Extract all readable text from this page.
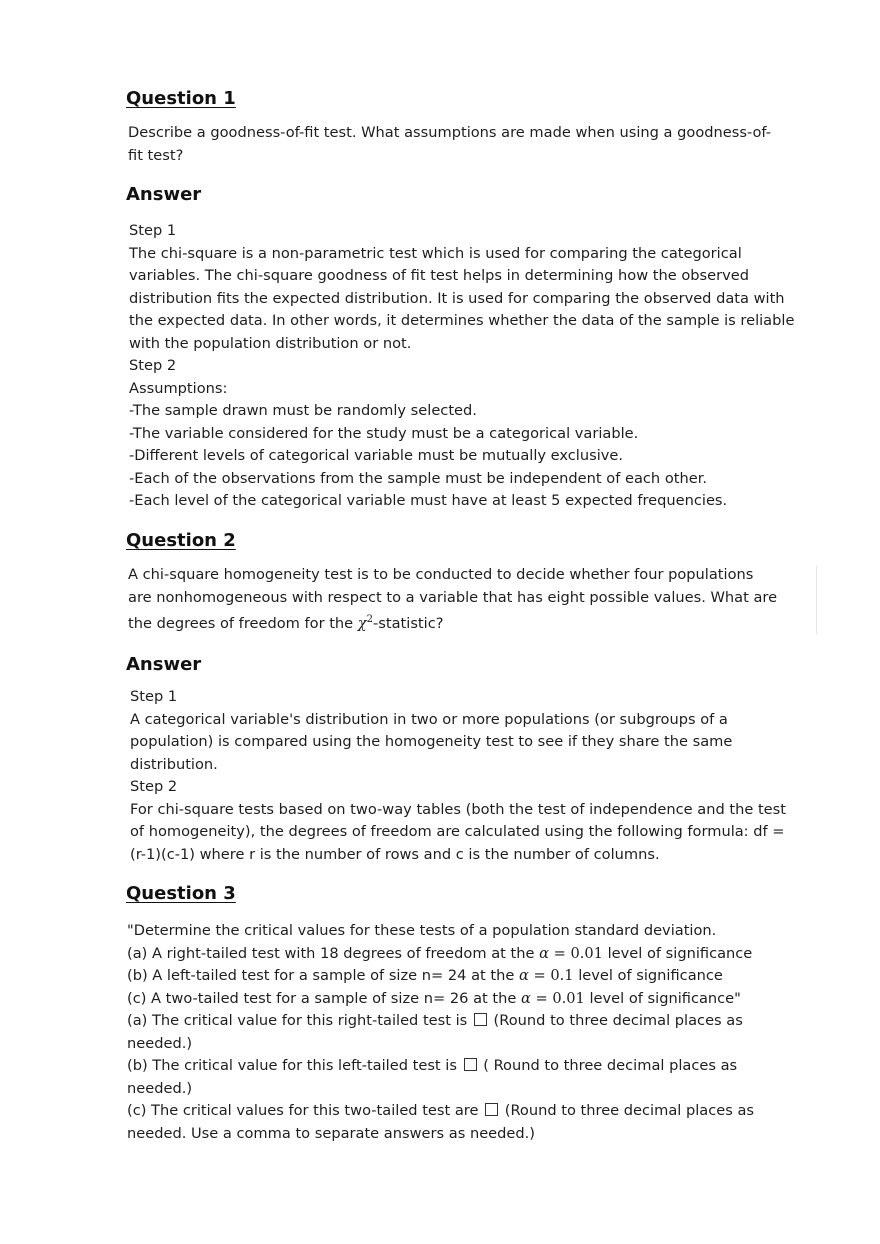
Question 1
Describe a goodness-of-fit test. What assumptions are made when using a goodness-of-
fit test?
Answer
Step 1
The chi-square is a non-parametric test which is used for comparing the categorical
variables. The chi-square goodness of fit test helps in determining how the observed
distribution fits the expected distribution. It is used for comparing the observed data with
the expected data. In other words, it determines whether the data of the sample is reliable
with the population distribution or not.
Step 2
Assumptions:
-The sample drawn must be randomly selected.
-The variable considered for the study must be a categorical variable.
-Different levels of categorical variable must be mutually exclusive.
-Each of the observations from the sample must be independent of each other.
-Each level of the categorical variable must have at least 5 expected frequencies.
Question 2
A chi-square homogeneity test is to be conducted to decide whether four populations
are nonhomogeneous with respect to a variable that has eight possible values. What are
the degrees of freedom for the $\chi^2$-statistic?
Answer
Step 1
A categorical variable's distribution in two or more populations (or subgroups of a
population) is compared using the homogeneity test to see if they share the same
distribution.
Step 2
For chi-square tests based on two-way tables (both the test of independence and the test
of homogeneity), the degrees of freedom are calculated using the following formula: df =
(r-1)(c-1) where r is the number of rows and c is the number of columns.
Question 3
"Determine the critical values for these tests of a population standard deviation.
(a) A right-tailed test with 18 degrees of freedom at the α = 0.01 level of significance
(b) A left-tailed test for a sample of size n= 24 at the α = 0.1 level of significance
(c) A two-tailed test for a sample of size n= 26 at the α = 0.01 level of significance"
(a) The critical value for this right-tailed test is  (Round to three decimal places as
needed.)
(b) The critical value for this left-tailed test is  ( Round to three decimal places as
needed.)
(c) The critical values for this two-tailed test are  (Round to three decimal places as
needed. Use a comma to separate answers as needed.)
